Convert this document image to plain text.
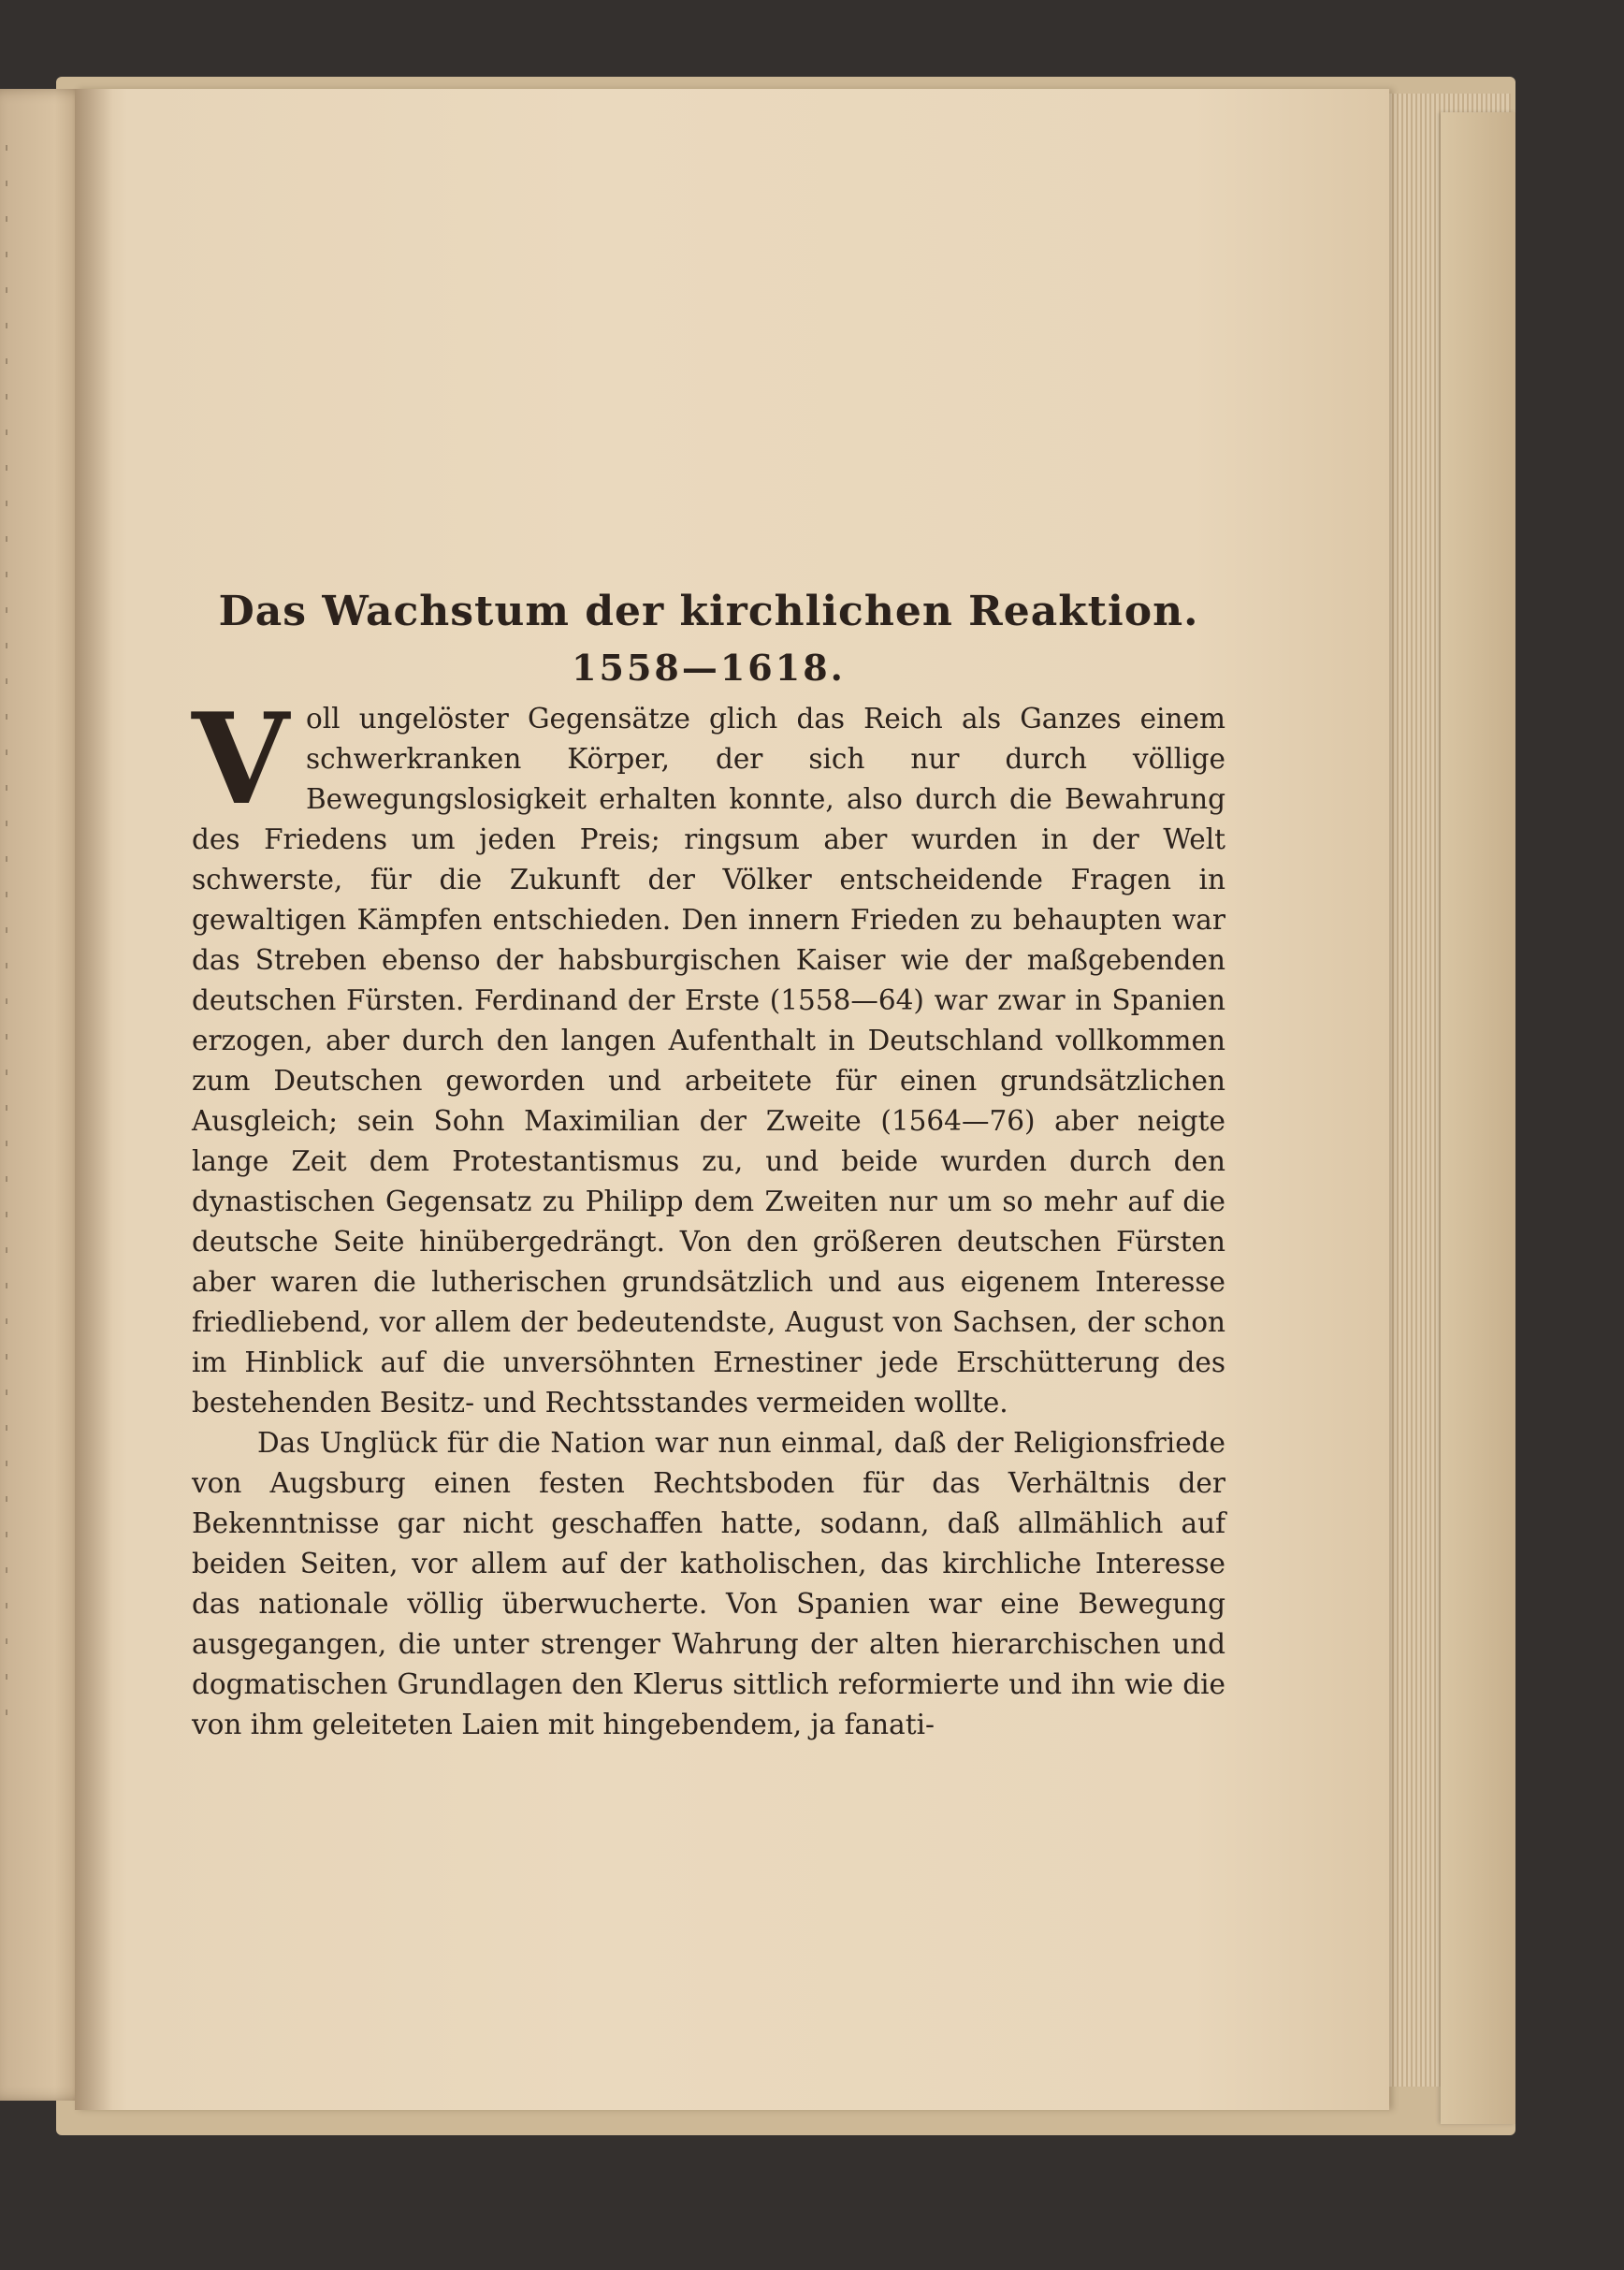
Das Wachstum der kirchlichen Reaktion.
1558—1618.

Voll ungelöster Gegensätze glich das Reich als Ganzes einem schwerkranken Körper, der sich nur durch völlige Bewegungslosigkeit erhalten konnte, also durch die Bewahrung des Friedens um jeden Preis; ringsum aber wurden in der Welt schwerste, für die Zukunft der Völker entscheidende Fragen in gewaltigen Kämpfen entschieden. Den innern Frieden zu behaupten war das Streben ebenso der habsburgischen Kaiser wie der maßgebenden deutschen Fürsten. Ferdinand der Erste (1558—64) war zwar in Spanien erzogen, aber durch den langen Aufenthalt in Deutschland vollkommen zum Deutschen geworden und arbeitete für einen grundsätzlichen Ausgleich; sein Sohn Maximilian der Zweite (1564—76) aber neigte lange Zeit dem Protestantismus zu, und beide wurden durch den dynastischen Gegensatz zu Philipp dem Zweiten nur um so mehr auf die deutsche Seite hinübergedrängt. Von den größeren deutschen Fürsten aber waren die lutherischen grundsätzlich und aus eigenem Interesse friedliebend, vor allem der bedeutendste, August von Sachsen, der schon im Hinblick auf die unversöhnten Ernestiner jede Erschütterung des bestehenden Besitz- und Rechtsstandes vermeiden wollte.

Das Unglück für die Nation war nun einmal, daß der Religionsfriede von Augsburg einen festen Rechtsboden für das Verhältnis der Bekenntnisse gar nicht geschaffen hatte, sodann, daß allmählich auf beiden Seiten, vor allem auf der katholischen, das kirchliche Interesse das nationale völlig überwucherte. Von Spanien war eine Bewegung ausgegangen, die unter strenger Wahrung der alten hierarchischen und dogmatischen Grundlagen den Klerus sittlich reformierte und ihn wie die von ihm geleiteten Laien mit hingebendem, ja fanati-
